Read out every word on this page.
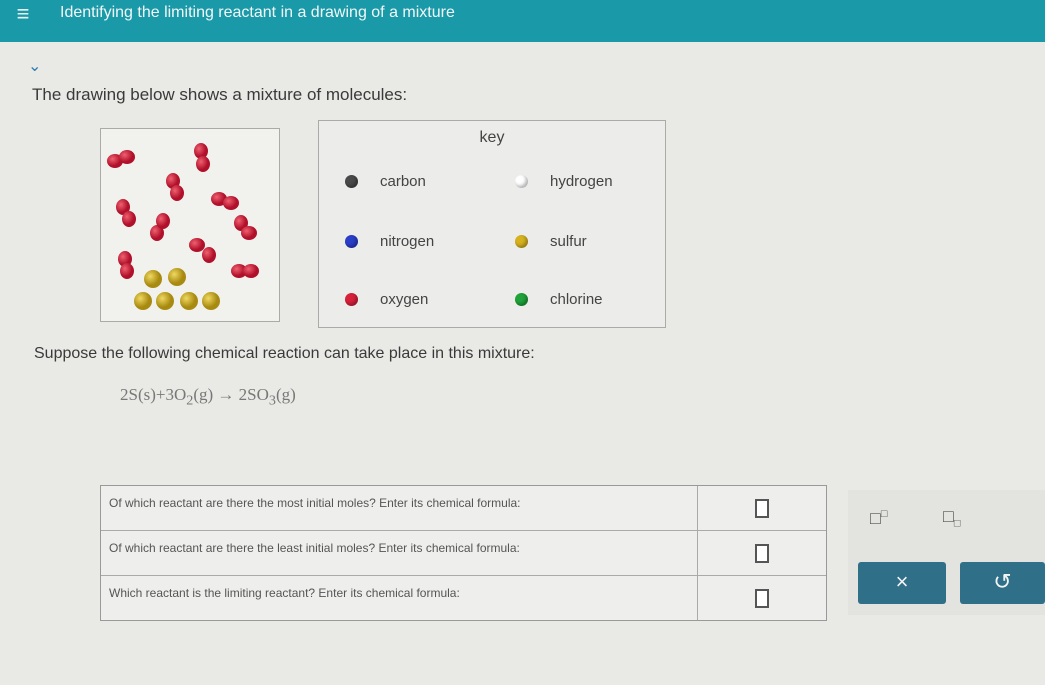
≡	Identifying the limiting reactant in a drawing of a mixture
⌄
The drawing below shows a mixture of molecules:
key
carbon	hydrogen
nitrogen	sulfur
oxygen	chlorine
Suppose the following chemical reaction can take place in this mixture:
$2S(s)+3O_2(g) \to 2SO_3(g)$
Of which reactant are there the most initial moles? Enter its chemical formula:
Of which reactant are there the least initial moles? Enter its chemical formula:
Which reactant is the limiting reactant? Enter its chemical formula:
□□	$□_□$
×	↺
